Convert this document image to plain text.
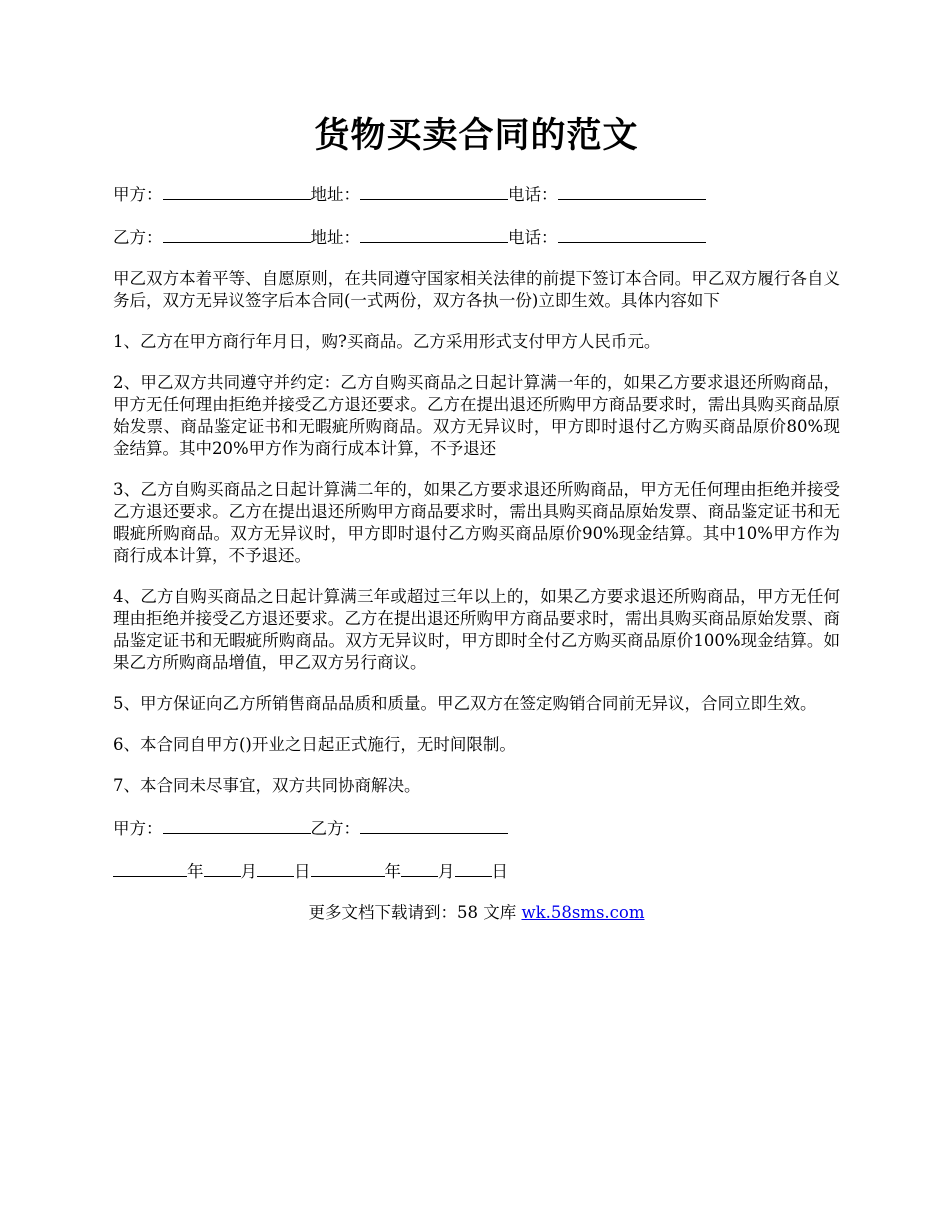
货物买卖合同的范文
甲方：	地址：	电话：
乙方：	地址：	电话：

甲乙双方本着平等、自愿原则，在共同遵守国家相关法律的前提下签订本合同。甲乙双方履行各自义务后，双方无异议签字后本合同(一式两份，双方各执一份)立即生效。具体内容如下

1、乙方在甲方商行年月日，购?买商品。乙方采用形式支付甲方人民币元。

2、甲乙双方共同遵守并约定：乙方自购买商品之日起计算满一年的，如果乙方要求退还所购商品，甲方无任何理由拒绝并接受乙方退还要求。乙方在提出退还所购甲方商品要求时，需出具购买商品原始发票、商品鉴定证书和无暇疵所购商品。双方无异议时，甲方即时退付乙方购买商品原价80%现金结算。其中20%甲方作为商行成本计算，不予退还

3、乙方自购买商品之日起计算满二年的，如果乙方要求退还所购商品，甲方无任何理由拒绝并接受乙方退还要求。乙方在提出退还所购甲方商品要求时，需出具购买商品原始发票、商品鉴定证书和无暇疵所购商品。双方无异议时，甲方即时退付乙方购买商品原价90%现金结算。其中10%甲方作为商行成本计算，不予退还。

4、乙方自购买商品之日起计算满三年或超过三年以上的，如果乙方要求退还所购商品，甲方无任何理由拒绝并接受乙方退还要求。乙方在提出退还所购甲方商品要求时，需出具购买商品原始发票、商品鉴定证书和无暇疵所购商品。双方无异议时，甲方即时全付乙方购买商品原价100%现金结算。如果乙方所购商品增值，甲乙双方另行商议。

5、甲方保证向乙方所销售商品品质和质量。甲乙双方在签定购销合同前无异议，合同立即生效。

6、本合同自甲方()开业之日起正式施行，无时间限制。

7、本合同未尽事宜，双方共同协商解决。

甲方：	乙方：
年 月 日	年 月 日
更多文档下载请到：58 文库 wk.58sms.com
